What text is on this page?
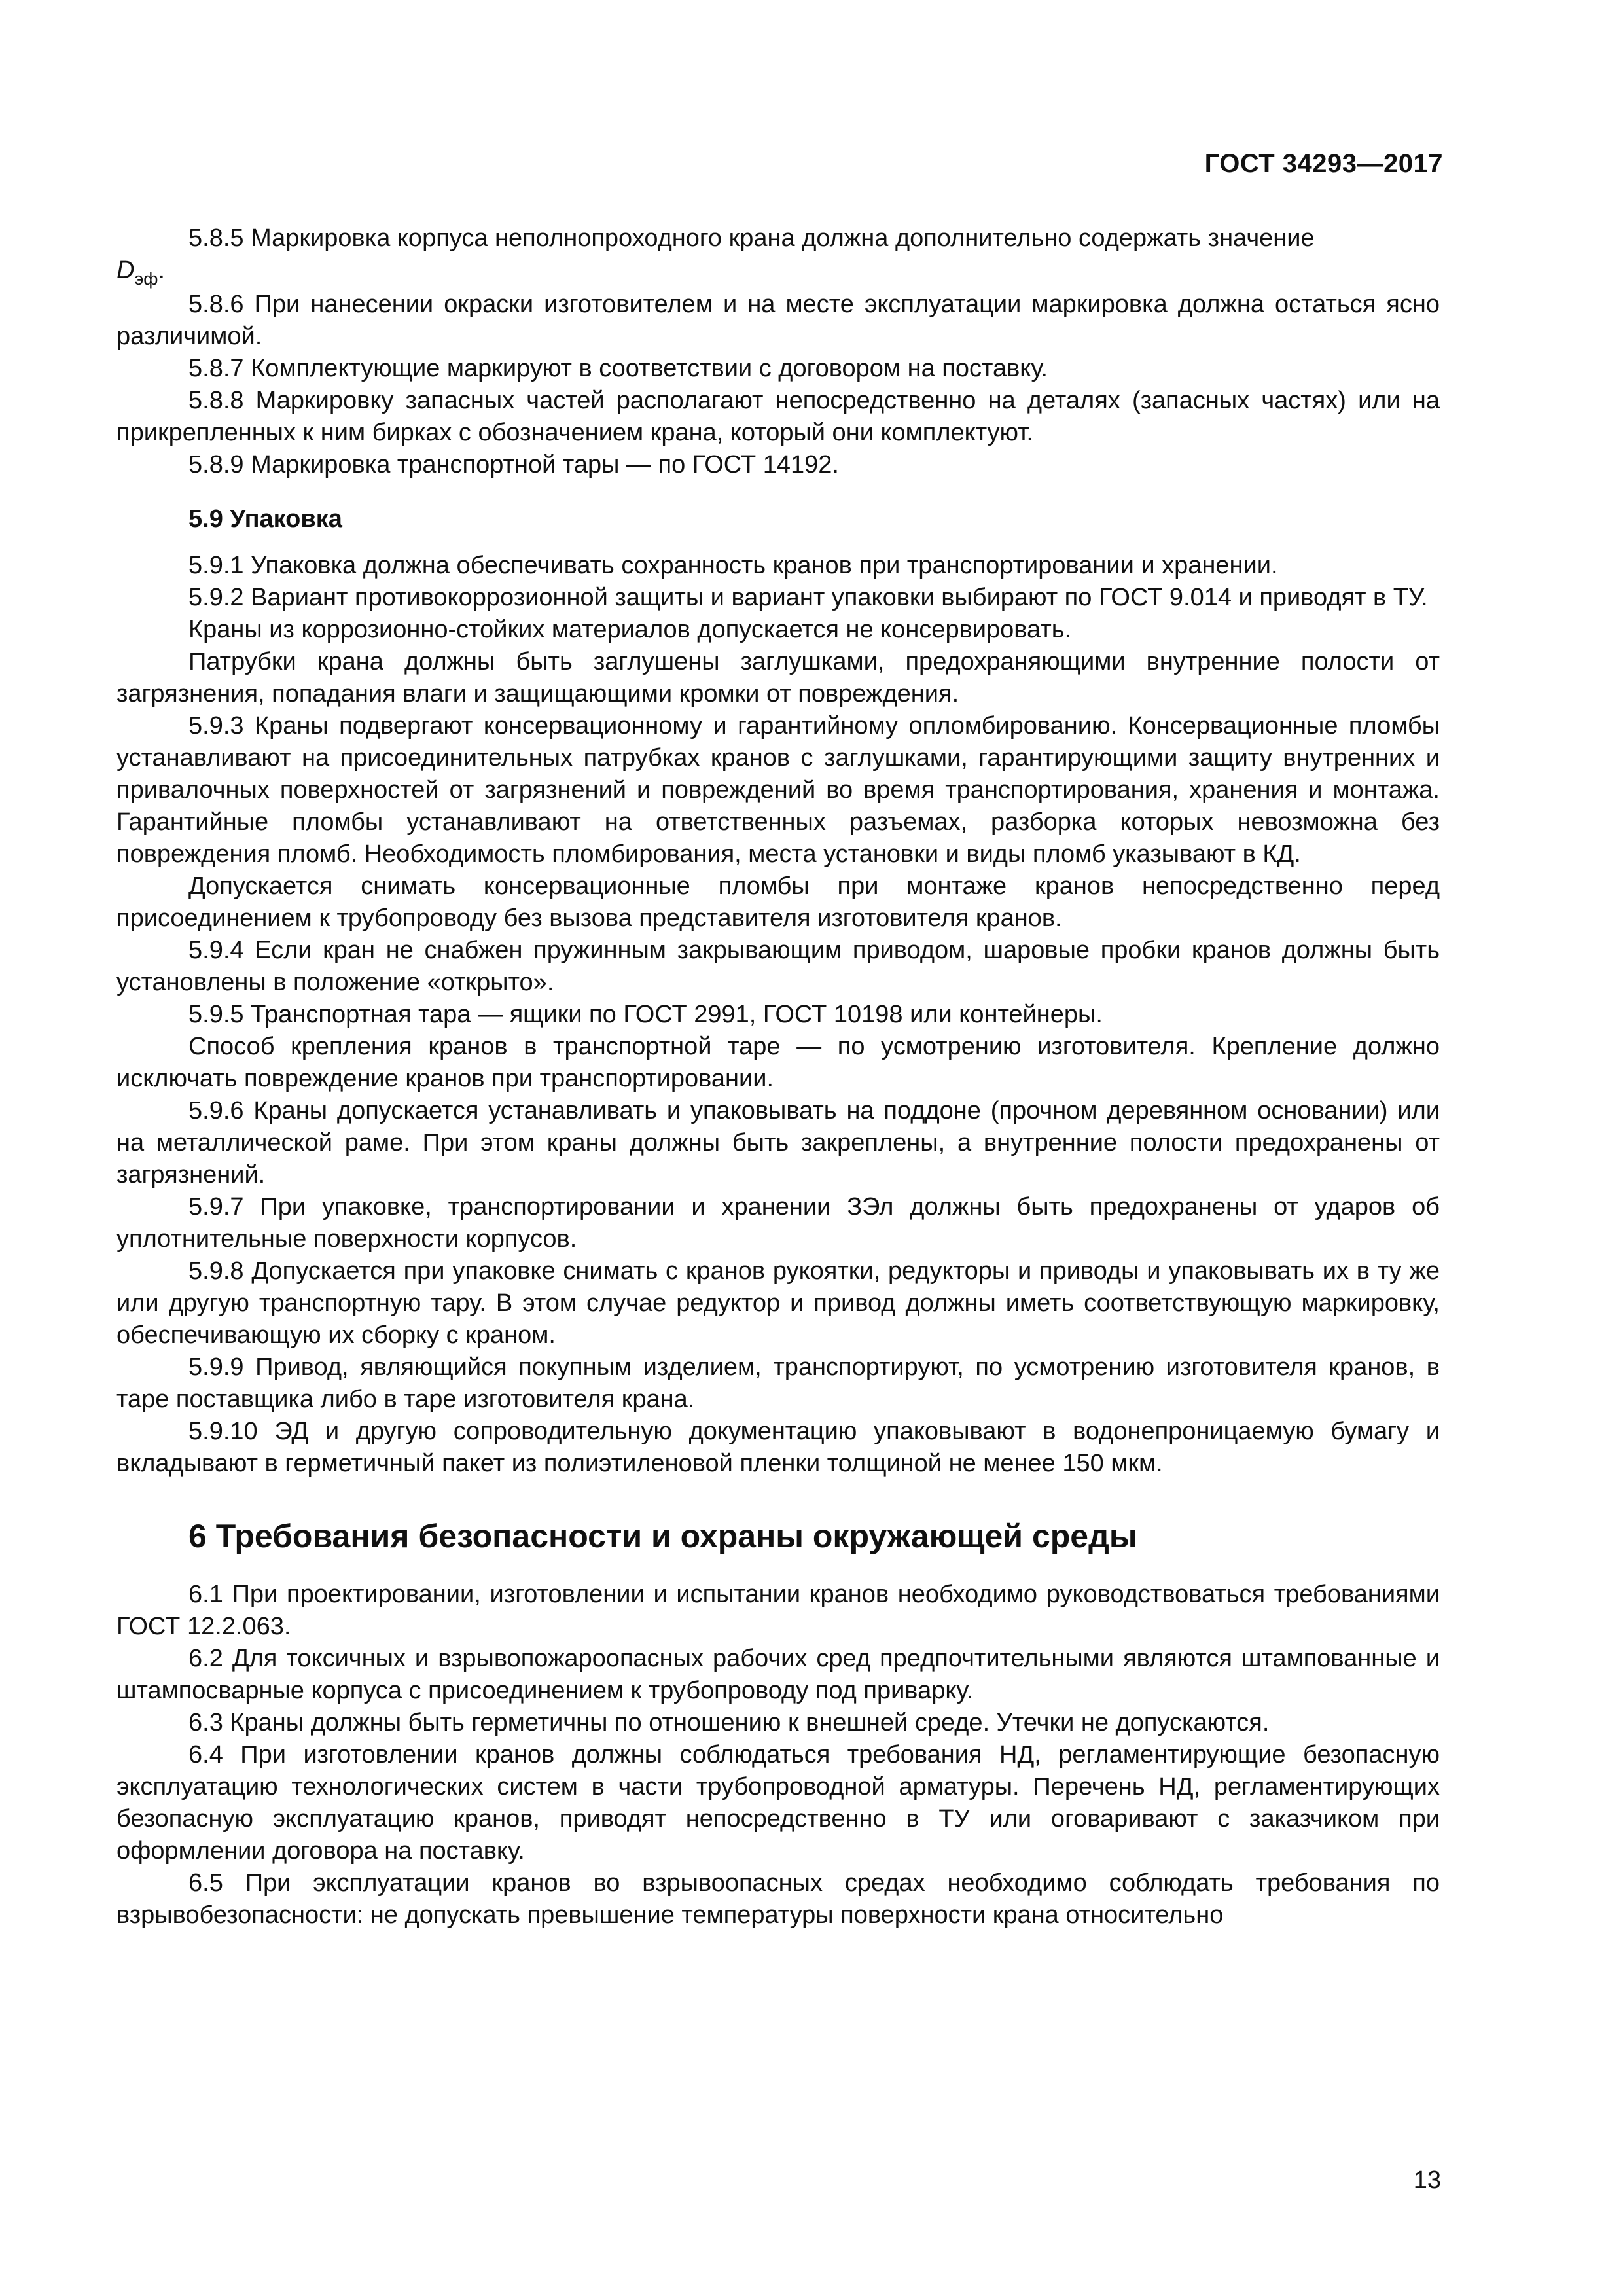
ГОСТ 34293—2017

5.8.5 Маркировка корпуса неполнопроходного крана должна дополнительно содержать значение

$D_{эф}$.

5.8.6 При нанесении окраски изготовителем и на месте эксплуатации маркировка должна остаться ясно различимой.

5.8.7 Комплектующие маркируют в соответствии с договором на поставку.

5.8.8 Маркировку запасных частей располагают непосредственно на деталях (запасных частях) или на прикрепленных к ним бирках с обозначением крана, который они комплектуют.

5.8.9 Маркировка транспортной тары — по ГОСТ 14192.

5.9 Упаковка

5.9.1 Упаковка должна обеспечивать сохранность кранов при транспортировании и хранении.

5.9.2 Вариант противокоррозионной защиты и вариант упаковки выбирают по ГОСТ 9.014 и приводят в ТУ.

Краны из коррозионно-стойких материалов допускается не консервировать.

Патрубки крана должны быть заглушены заглушками, предохраняющими внутренние полости от загрязнения, попадания влаги и защищающими кромки от повреждения.

5.9.3 Краны подвергают консервационному и гарантийному опломбированию. Консервационные пломбы устанавливают на присоединительных патрубках кранов с заглушками, гарантирующими защиту внутренних и привалочных поверхностей от загрязнений и повреждений во время транспортирования, хранения и монтажа. Гарантийные пломбы устанавливают на ответственных разъемах, разборка которых невозможна без повреждения пломб. Необходимость пломбирования, места установки и виды пломб указывают в КД.

Допускается снимать консервационные пломбы при монтаже кранов непосредственно перед присоединением к трубопроводу без вызова представителя изготовителя кранов.

5.9.4 Если кран не снабжен пружинным закрывающим приводом, шаровые пробки кранов должны быть установлены в положение «открыто».

5.9.5 Транспортная тара — ящики по ГОСТ 2991, ГОСТ 10198 или контейнеры.

Способ крепления кранов в транспортной таре — по усмотрению изготовителя. Крепление должно исключать повреждение кранов при транспортировании.

5.9.6 Краны допускается устанавливать и упаковывать на поддоне (прочном деревянном основании) или на металлической раме. При этом краны должны быть закреплены, а внутренние полости предохранены от загрязнений.

5.9.7 При упаковке, транспортировании и хранении ЗЭл должны быть предохранены от ударов об уплотнительные поверхности корпусов.

5.9.8 Допускается при упаковке снимать с кранов рукоятки, редукторы и приводы и упаковывать их в ту же или другую транспортную тару. В этом случае редуктор и привод должны иметь соответствующую маркировку, обеспечивающую их сборку с краном.

5.9.9 Привод, являющийся покупным изделием, транспортируют, по усмотрению изготовителя кранов, в таре поставщика либо в таре изготовителя крана.

5.9.10 ЭД и другую сопроводительную документацию упаковывают в водонепроницаемую бумагу и вкладывают в герметичный пакет из полиэтиленовой пленки толщиной не менее 150 мкм.

6 Требования безопасности и охраны окружающей среды

6.1 При проектировании, изготовлении и испытании кранов необходимо руководствоваться требованиями ГОСТ 12.2.063.

6.2 Для токсичных и взрывопожароопасных рабочих сред предпочтительными являются штампованные и штампосварные корпуса с присоединением к трубопроводу под приварку.

6.3 Краны должны быть герметичны по отношению к внешней среде. Утечки не допускаются.

6.4 При изготовлении кранов должны соблюдаться требования НД, регламентирующие безопасную эксплуатацию технологических систем в части трубопроводной арматуры. Перечень НД, регламентирующих безопасную эксплуатацию кранов, приводят непосредственно в ТУ или оговаривают с заказчиком при оформлении договора на поставку.

6.5 При эксплуатации кранов во взрывоопасных средах необходимо соблюдать требования по взрывобезопасности: не допускать превышение температуры поверхности крана относительно

13
